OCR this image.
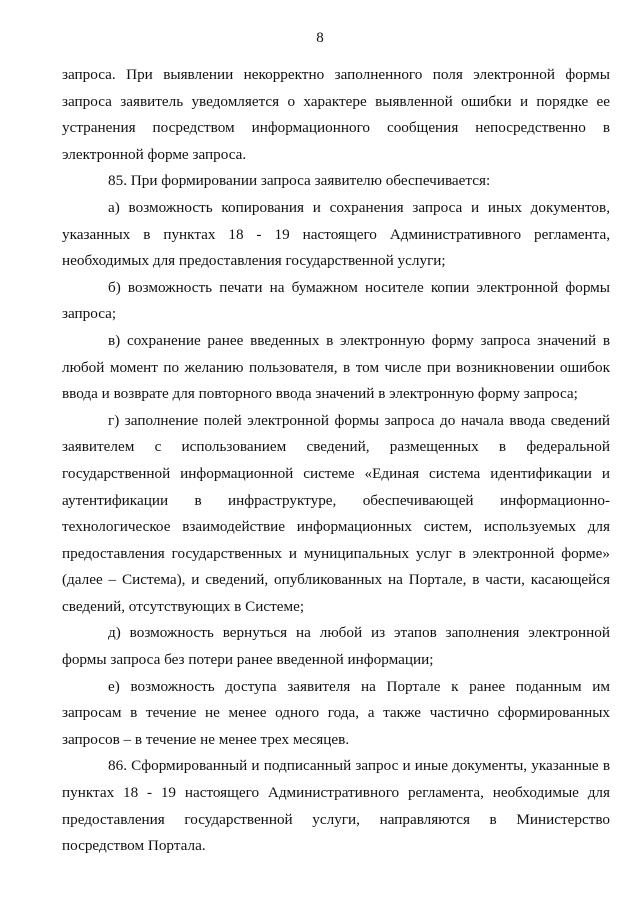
8

запроса. При выявлении некорректно заполненного поля электронной формы запроса заявитель уведомляется о характере выявленной ошибки и порядке ее устранения посредством информационного сообщения непосредственно в электронной форме запроса.

85. При формировании запроса заявителю обеспечивается:

а) возможность копирования и сохранения запроса и иных документов, указанных в пунктах 18 - 19 настоящего Административного регламента, необходимых для предоставления государственной услуги;

б) возможность печати на бумажном носителе копии электронной формы запроса;

в) сохранение ранее введенных в электронную форму запроса значений в любой момент по желанию пользователя, в том числе при возникновении ошибок ввода и возврате для повторного ввода значений в электронную форму запроса;

г) заполнение полей электронной формы запроса до начала ввода сведений заявителем с использованием сведений, размещенных в федеральной государственной информационной системе «Единая система идентификации и аутентификации в инфраструктуре, обеспечивающей информационно-технологическое взаимодействие информационных систем, используемых для предоставления государственных и муниципальных услуг в электронной форме» (далее – Система), и сведений, опубликованных на Портале, в части, касающейся сведений, отсутствующих в Системе;

д) возможность вернуться на любой из этапов заполнения электронной формы запроса без потери ранее введенной информации;

е) возможность доступа заявителя на Портале к ранее поданным им запросам в течение не менее одного года, а также частично сформированных запросов – в течение не менее трех месяцев.

86. Сформированный и подписанный запрос и иные документы, указанные в пунктах 18 - 19 настоящего Административного регламента, необходимые для предоставления государственной услуги, направляются в Министерство посредством Портала.
